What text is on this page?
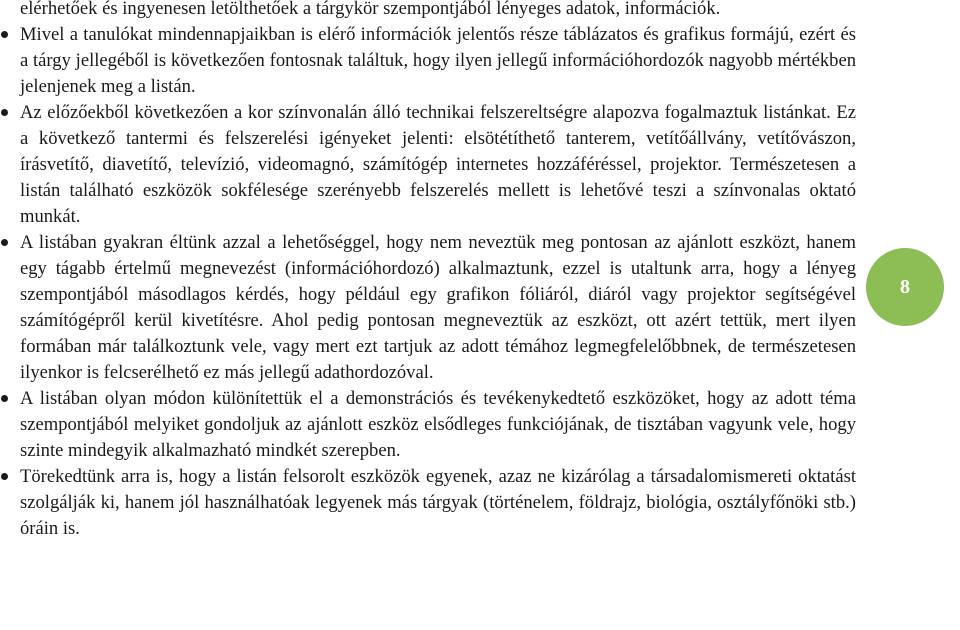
elérhetőek és ingyenesen letölthetőek a tárgykör szempontjából lényeges adatok, információk.

Mivel a tanulókat mindennapjaikban is elérő információk jelentős része táblázatos és grafikus formájú, ezért és a tárgy jellegéből is következően fontosnak találtuk, hogy ilyen jellegű információhordozók nagyobb mértékben jelenjenek meg a listán.

Az előzőekből következően a kor színvonalán álló technikai felszereltségre alapozva fogalmaztuk listánkat. Ez a következő tantermi és felszerelési igényeket jelenti: elsötétíthető tanterem, vetítőállvány, vetítővászon, írásvetítő, diavetítő, televízió, videomagnó, számítógép internetes hozzáféréssel, projektor. Természetesen a listán található eszközök sokfélesége szerényebb felszerelés mellett is lehetővé teszi a színvonalas oktató munkát.

A listában gyakran éltünk azzal a lehetőséggel, hogy nem neveztük meg pontosan az ajánlott eszközt, hanem egy tágabb értelmű megnevezést (információhordozó) alkalmaztunk, ezzel is utaltunk arra, hogy a lényeg szempontjából másodlagos kérdés, hogy például egy grafikon fóliáról, diáról vagy projektor segítségével számítógépről kerül kivetítésre. Ahol pedig pontosan megneveztük az eszközt, ott azért tettük, mert ilyen formában már találkoztunk vele, vagy mert ezt tartjuk az adott témához legmegfelelőbbnek, de természetesen ilyenkor is felcserélhető ez más jellegű adathordozóval.

A listában olyan módon különítettük el a demonstrációs és tevékenykedtető eszközöket, hogy az adott téma szempontjából melyiket gondoljuk az ajánlott eszköz elsődleges funkciójának, de tisztában vagyunk vele, hogy szinte mindegyik alkalmazható mindkét szerepben.

Törekedtünk arra is, hogy a listán felsorolt eszközök egyenek, azaz ne kizárólag a társadalomismereti oktatást szolgálják ki, hanem jól használhatóak legyenek más tárgyak (történelem, földrajz, biológia, osztályfőnöki stb.) óráin is.

8
